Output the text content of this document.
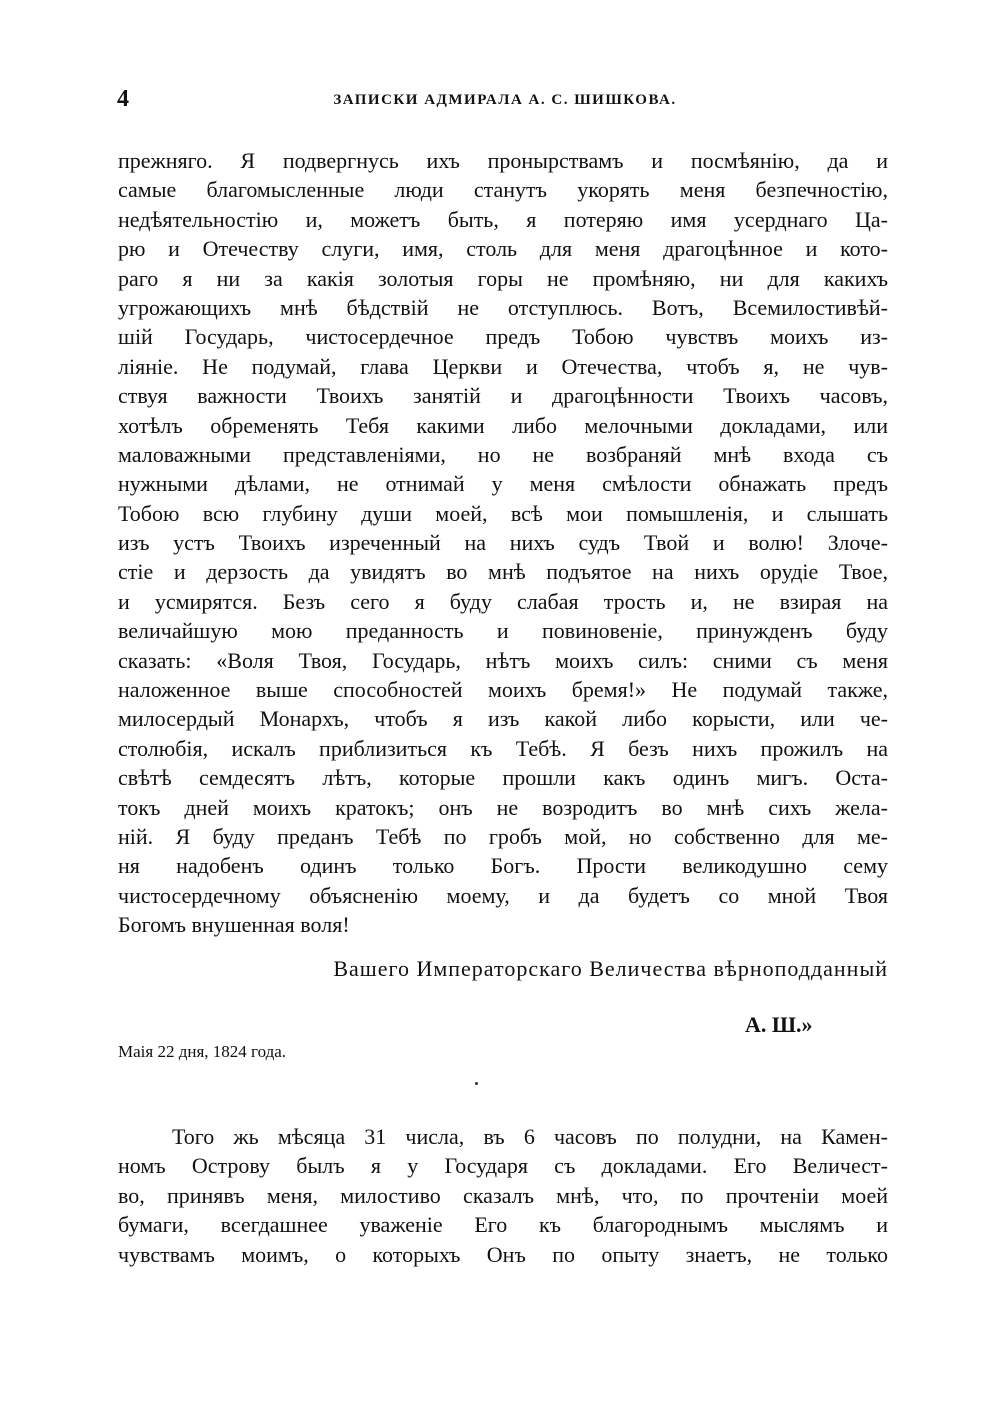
4	ЗАПИСКИ АДМИРАЛА А. С. ШИШКОВА.
прежняго. Я подвергнусь ихъ пронырствамъ и посмѣянію, да и
самые благомысленные люди станутъ укорять меня безпечностію,
недѣятельностію и, можетъ быть, я потеряю имя усерднаго Ца-
рю и Отечеству слуги, имя, столь для меня драгоцѣнное и кото-
раго я ни за какія золотыя горы не промѣняю, ни для какихъ
угрожающихъ мнѣ бѣдствій не отступлюсь. Вотъ, Всемилостивѣй-
шій Государь, чистосердечное предъ Тобою чувствъ моихъ из-
ліяніе. Не подумай, глава Церкви и Отечества, чтобъ я, не чув-
ствуя важности Твоихъ занятій и драгоцѣнности Твоихъ часовъ,
хотѣлъ обременять Тебя какими либо мелочными докладами, или
маловажными представленіями, но не возбраняй мнѣ входа съ
нужными дѣлами, не отнимай у меня смѣлости обнажать предъ
Тобою всю глубину души моей, всѣ мои помышленія, и слышать
изъ устъ Твоихъ изреченный на нихъ судъ Твой и волю! Злоче-
стіе и дерзость да увидятъ во мнѣ подъятое на нихъ орудіе Твое,
и усмирятся. Безъ сего я буду слабая трость и, не взирая на
величайшую мою преданность и повиновеніе, принужденъ буду
сказать: «Воля Твоя, Государь, нѣтъ моихъ силъ: сними съ меня
наложенное выше способностей моихъ бремя!» Не подумай также,
милосердый Монархъ, чтобъ я изъ какой либо корысти, или че-
столюбія, искалъ приблизиться къ Тебѣ. Я безъ нихъ прожилъ на
свѣтѣ семдесятъ лѣтъ, которые прошли какъ одинъ мигъ. Оста-
токъ дней моихъ кратокъ; онъ не возродитъ во мнѣ сихъ жела-
ній. Я буду преданъ Тебѣ по гробъ мой, но собственно для ме-
ня надобенъ одинъ только Богъ. Прости великодушно сему
чистосердечному объясненію моему, и да будетъ со мной Твоя
Богомъ внушенная воля!
Вашего Императорскаго Величества вѣрноподданный
А. Ш.»
Маія 22 дня, 1824 года.
Того жь мѣсяца 31 числа, въ 6 часовъ по полудни, на Камен-
номъ Острову былъ я у Государя съ докладами. Его Величест-
во, принявъ меня, милостиво сказалъ мнѣ, что, по прочтеніи моей
бумаги, всегдашнее уваженіе Его къ благороднымъ мыслямъ и
чувствамъ моимъ, о которыхъ Онъ по опыту знаетъ, не только
